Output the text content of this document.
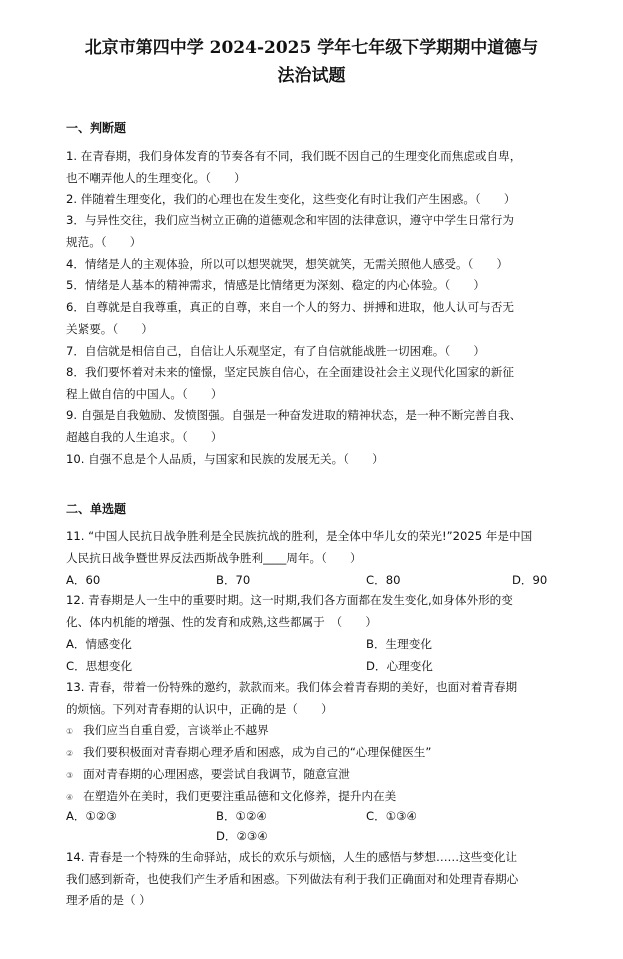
北京市第四中学 2024-2025 学年七年级下学期期中道德与
法治试题
一、判断题
1. 在青春期，我们身体发育的节奏各有不同，我们既不因自己的生理变化而焦虑或自卑，
也不嘲弄他人的生理变化。（　　）
2. 伴随着生理变化，我们的心理也在发生变化，这些变化有时让我们产生困惑。（　　）
3．与异性交往，我们应当树立正确的道德观念和牢固的法律意识，遵守中学生日常行为
规范。（　　）
4．情绪是人的主观体验，所以可以想哭就哭，想笑就笑，无需关照他人感受。（　　）
5．情绪是人基本的精神需求，情感是比情绪更为深刻、稳定的内心体验。（　　）
6．自尊就是自我尊重，真正的自尊，来自一个人的努力、拼搏和进取，他人认可与否无
关紧要。（　　）
7．自信就是相信自己，自信让人乐观坚定，有了自信就能战胜一切困难。（　　）
8．我们要怀着对未来的憧憬，坚定民族自信心，在全面建设社会主义现代化国家的新征
程上做自信的中国人。（　　）
9. 自强是自我勉励、发愤图强。自强是一种奋发进取的精神状态，是一种不断完善自我、
超越自我的人生追求。（　　）
10. 自强不息是个人品质，与国家和民族的发展无关。（　　）
二、单选题
11. “中国人民抗日战争胜利是全民族抗战的胜利，是全体中华儿女的荣光!”2025 年是中国
人民抗日战争暨世界反法西斯战争胜利____周年。（　　）
A．60	B．70	C．80	D．90
12. 青春期是人一生中的重要时期。这一时期,我们各方面都在发生变化,如身体外形的变
化、体内机能的增强、性的发育和成熟,这些都属于　（　　）
A．情感变化	B．生理变化
C．思想变化	D．心理变化
13. 青春，带着一份特殊的邀约，款款而来。我们体会着青春期的美好，也面对着青春期
的烦恼。下列对青春期的认识中，正确的是（　　）
① 我们应当自重自爱，言谈举止不越界
② 我们要积极面对青春期心理矛盾和困惑，成为自己的“心理保健医生”
③ 面对青春期的心理困惑，要尝试自我调节，随意宣泄
④ 在塑造外在美时，我们更要注重品德和文化修养，提升内在美
A．①②③	B．①②④	C．①③④
D．②③④
14. 青春是一个特殊的生命驿站，成长的欢乐与烦恼，人生的感悟与梦想……这些变化让
我们感到新奇，也使我们产生矛盾和困惑。下列做法有利于我们正确面对和处理青春期心
理矛盾的是（ ）
